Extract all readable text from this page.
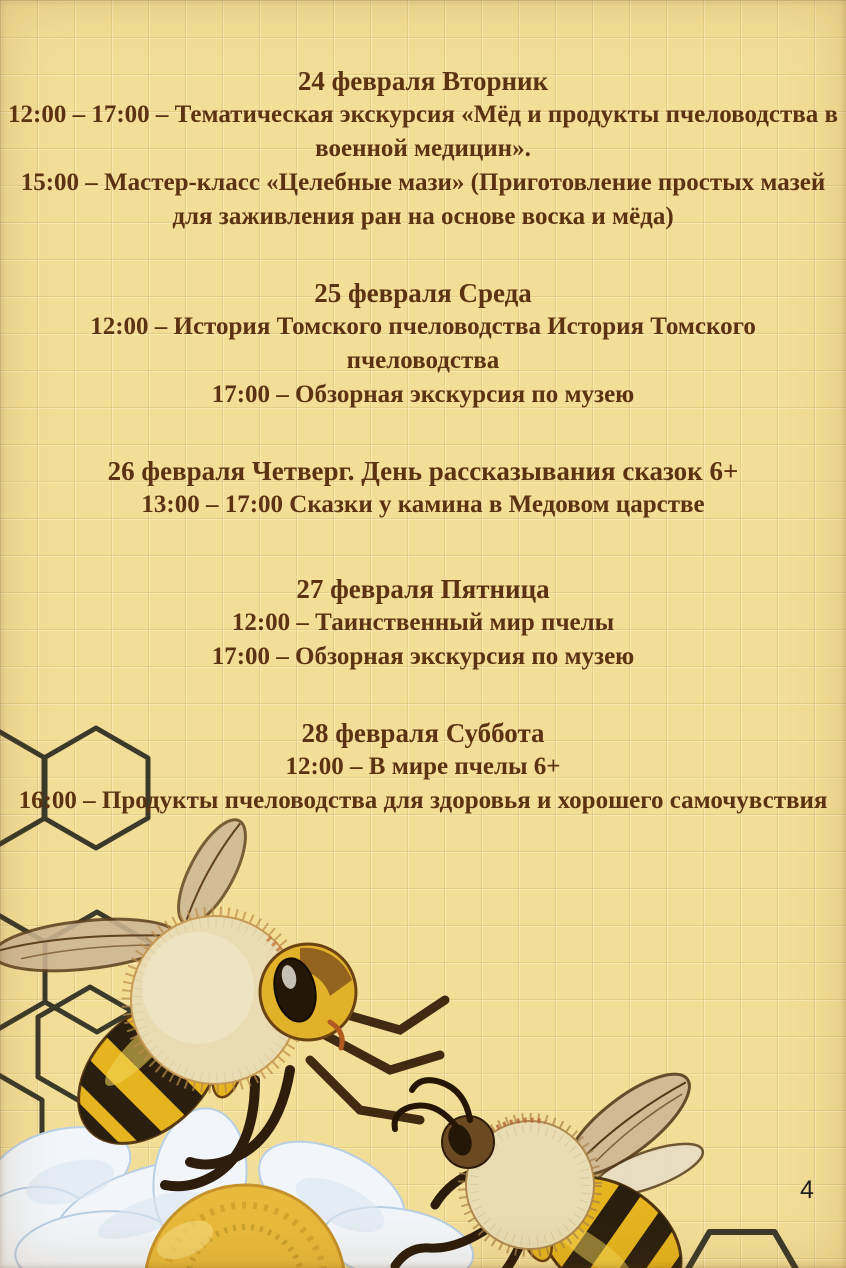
24 февраля Вторник

12:00 – 17:00 – Тематическая экскурсия «Мёд и продукты пчеловодства в военной медицин».

15:00 – Мастер-класс «Целебные мази» (Приготовление простых мазей для заживления ран на основе воска и мёда)

25 февраля Среда

12:00 – История Томского пчеловодства История Томского пчеловодства

17:00 – Обзорная экскурсия по музею

26 февраля Четверг. День рассказывания сказок 6+

13:00 – 17:00 Сказки у камина в Медовом царстве

27 февраля Пятница

12:00 – Таинственный мир пчелы

17:00 – Обзорная экскурсия по музею

28 февраля Суббота

12:00 – В мире пчелы 6+

16:00 – Продукты пчеловодства для здоровья и хорошего самочувствия

4
